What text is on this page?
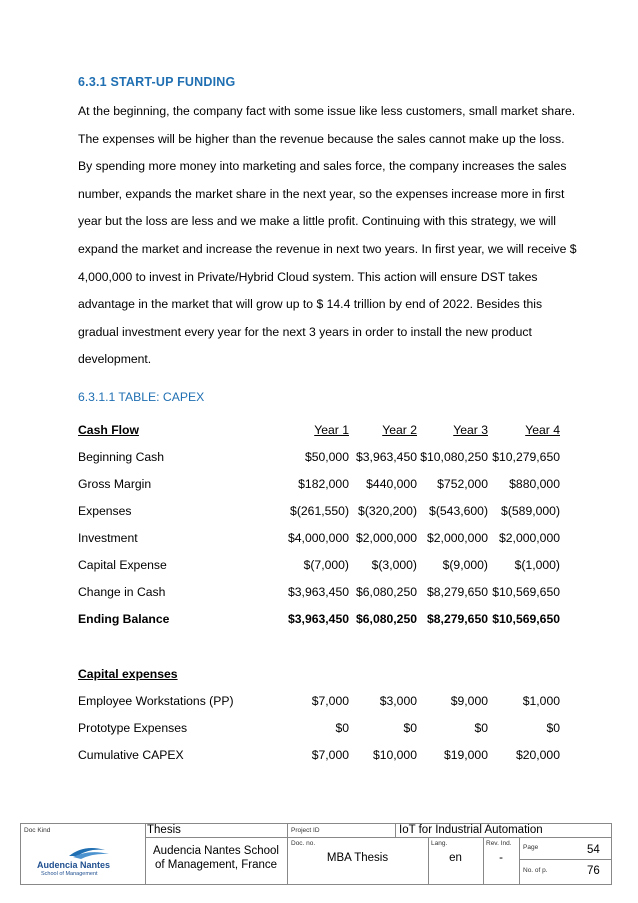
6.3.1 START-UP FUNDING
At the beginning, the company fact with some issue like less customers, small market share.
The expenses will be higher than the revenue because the sales cannot make up the loss.
By spending more money into marketing and sales force, the company increases the sales
number, expands the market share in the next year, so the expenses increase more in first
year but the loss are less and we make a little profit. Continuing with this strategy, we will
expand the market and increase the revenue in next two years. In first year, we will receive $
4,000,000 to invest in Private/Hybrid Cloud system. This action will ensure DST takes
advantage in the market that will grow up to $ 14.4 trillion by end of 2022. Besides this
gradual investment every year for the next 3 years in order to install the new product
development.
6.3.1.1 TABLE: CAPEX
Cash Flow	Year 1	Year 2	Year 3	Year 4
Beginning Cash	$50,000 $3,963,450 $10,080,250 $10,279,650
Gross Margin	$182,000	$440,000	$752,000	$880,000
Expenses	$(261,550) $(320,200) $(543,600)	$(589,000)
Investment	$4,000,000 $2,000,000 $2,000,000 $2,000,000
Capital Expense	$(7,000)	$(3,000)	$(9,000)	$(1,000)
Change in Cash	$3,963,450 $6,080,250 $8,279,650 $10,569,650
Ending Balance	$3,963,450 $6,080,250 $8,279,650 $10,569,650
Capital expenses
Employee Workstations (PP)	$7,000	$3,000	$9,000	$1,000
Prototype Expenses	$0	$0	$0	$0
Cumulative CAPEX	$7,000	$10,000	$19,000	$20,000
Doc Kind	Thesis	Project ID	IoT for Industrial Automation
Audencia Nantes
School of Management
Audencia Nantes School of Management, France
Doc. no.
MBA Thesis
Lang.
en
Rev. Ind.
-
Page	54
No. of p.	76
